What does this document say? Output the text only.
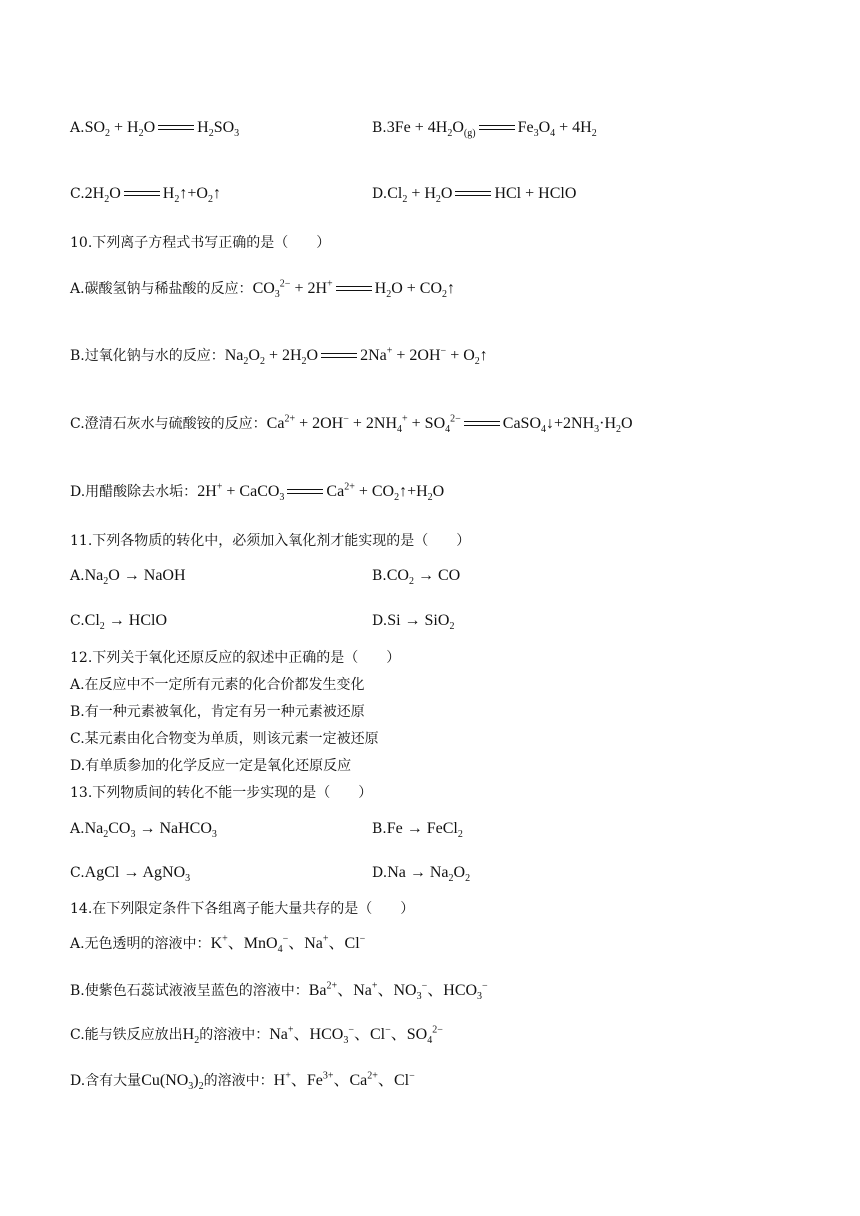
$A.SO_2 + H_2O$	$H_2SO_3$	$B.3Fe + 4H_2O_{(g)}$	$Fe_3O_4 + 4H_2$
$C.2H_2O$	$H_2↑+O_2↑$	$D.Cl_2 + H_2O$	HCl + HClO
10.下列离子方程式书写正确的是（　　）
A.碳酸氢钠与稀盐酸的反应：$CO_3^{2-} + 2H^+$	$H_2O$ + $CO_2↑$
B.过氧化钠与水的反应：$Na_2O_2 + 2H_2O$	$2Na^+ + 2OH^- + O_2↑$
C.澄清石灰水与硫酸铵的反应：$Ca^{2+} + 2OH^- + 2NH_4^+ + SO_4^{2-}$	$CaSO_4↓+2NH_3\cdot H_2O$
D.用醋酸除去水垢：2H+ + CaCO$_3$	$Ca^{2+}$ + $CO_2↑+H_2O$
11.下列各物质的转化中，必须加入氧化剂才能实现的是（　　）
$A.Na_2O$ → NaOH	$B.CO_2$ → CO
$C.Cl_2$ → HClO	D.Si → SiO$_2$
12.下列关于氧化还原反应的叙述中正确的是（　　）
A.在反应中不一定所有元素的化合价都发生变化
B.有一种元素被氧化，肯定有另一种元素被还原
C.某元素由化合物变为单质，则该元素一定被还原
D.有单质参加的化学反应一定是氧化还原反应
13.下列物质间的转化不能一步实现的是（　　）
$A.Na_2CO_3$ → NaHCO$_3$	B.Fe → FeCl$_2$
C.AgCl → AgNO$_3$	$D.Na \to Na_2O_2$
14.在下列限定条件下各组离子能大量共存的是（　　）
A.无色透明的溶液中：K+、MnO$_4$−、Na+、Cl−
B.使紫色石蕊试液液呈蓝色的溶液中：$Ba^{2+}$、Na+、$NO_3^-$、$HCO_3^-$
C.能与铁反应放出$H_2$的溶液中：Na+、$HCO_3^-$、Cl−、$SO_4^{2-}$
D.含有大量$Cu(NO_3)_2$的溶液中：H+、$Fe^{3+}$、$Ca^{2+}$、Cl−
